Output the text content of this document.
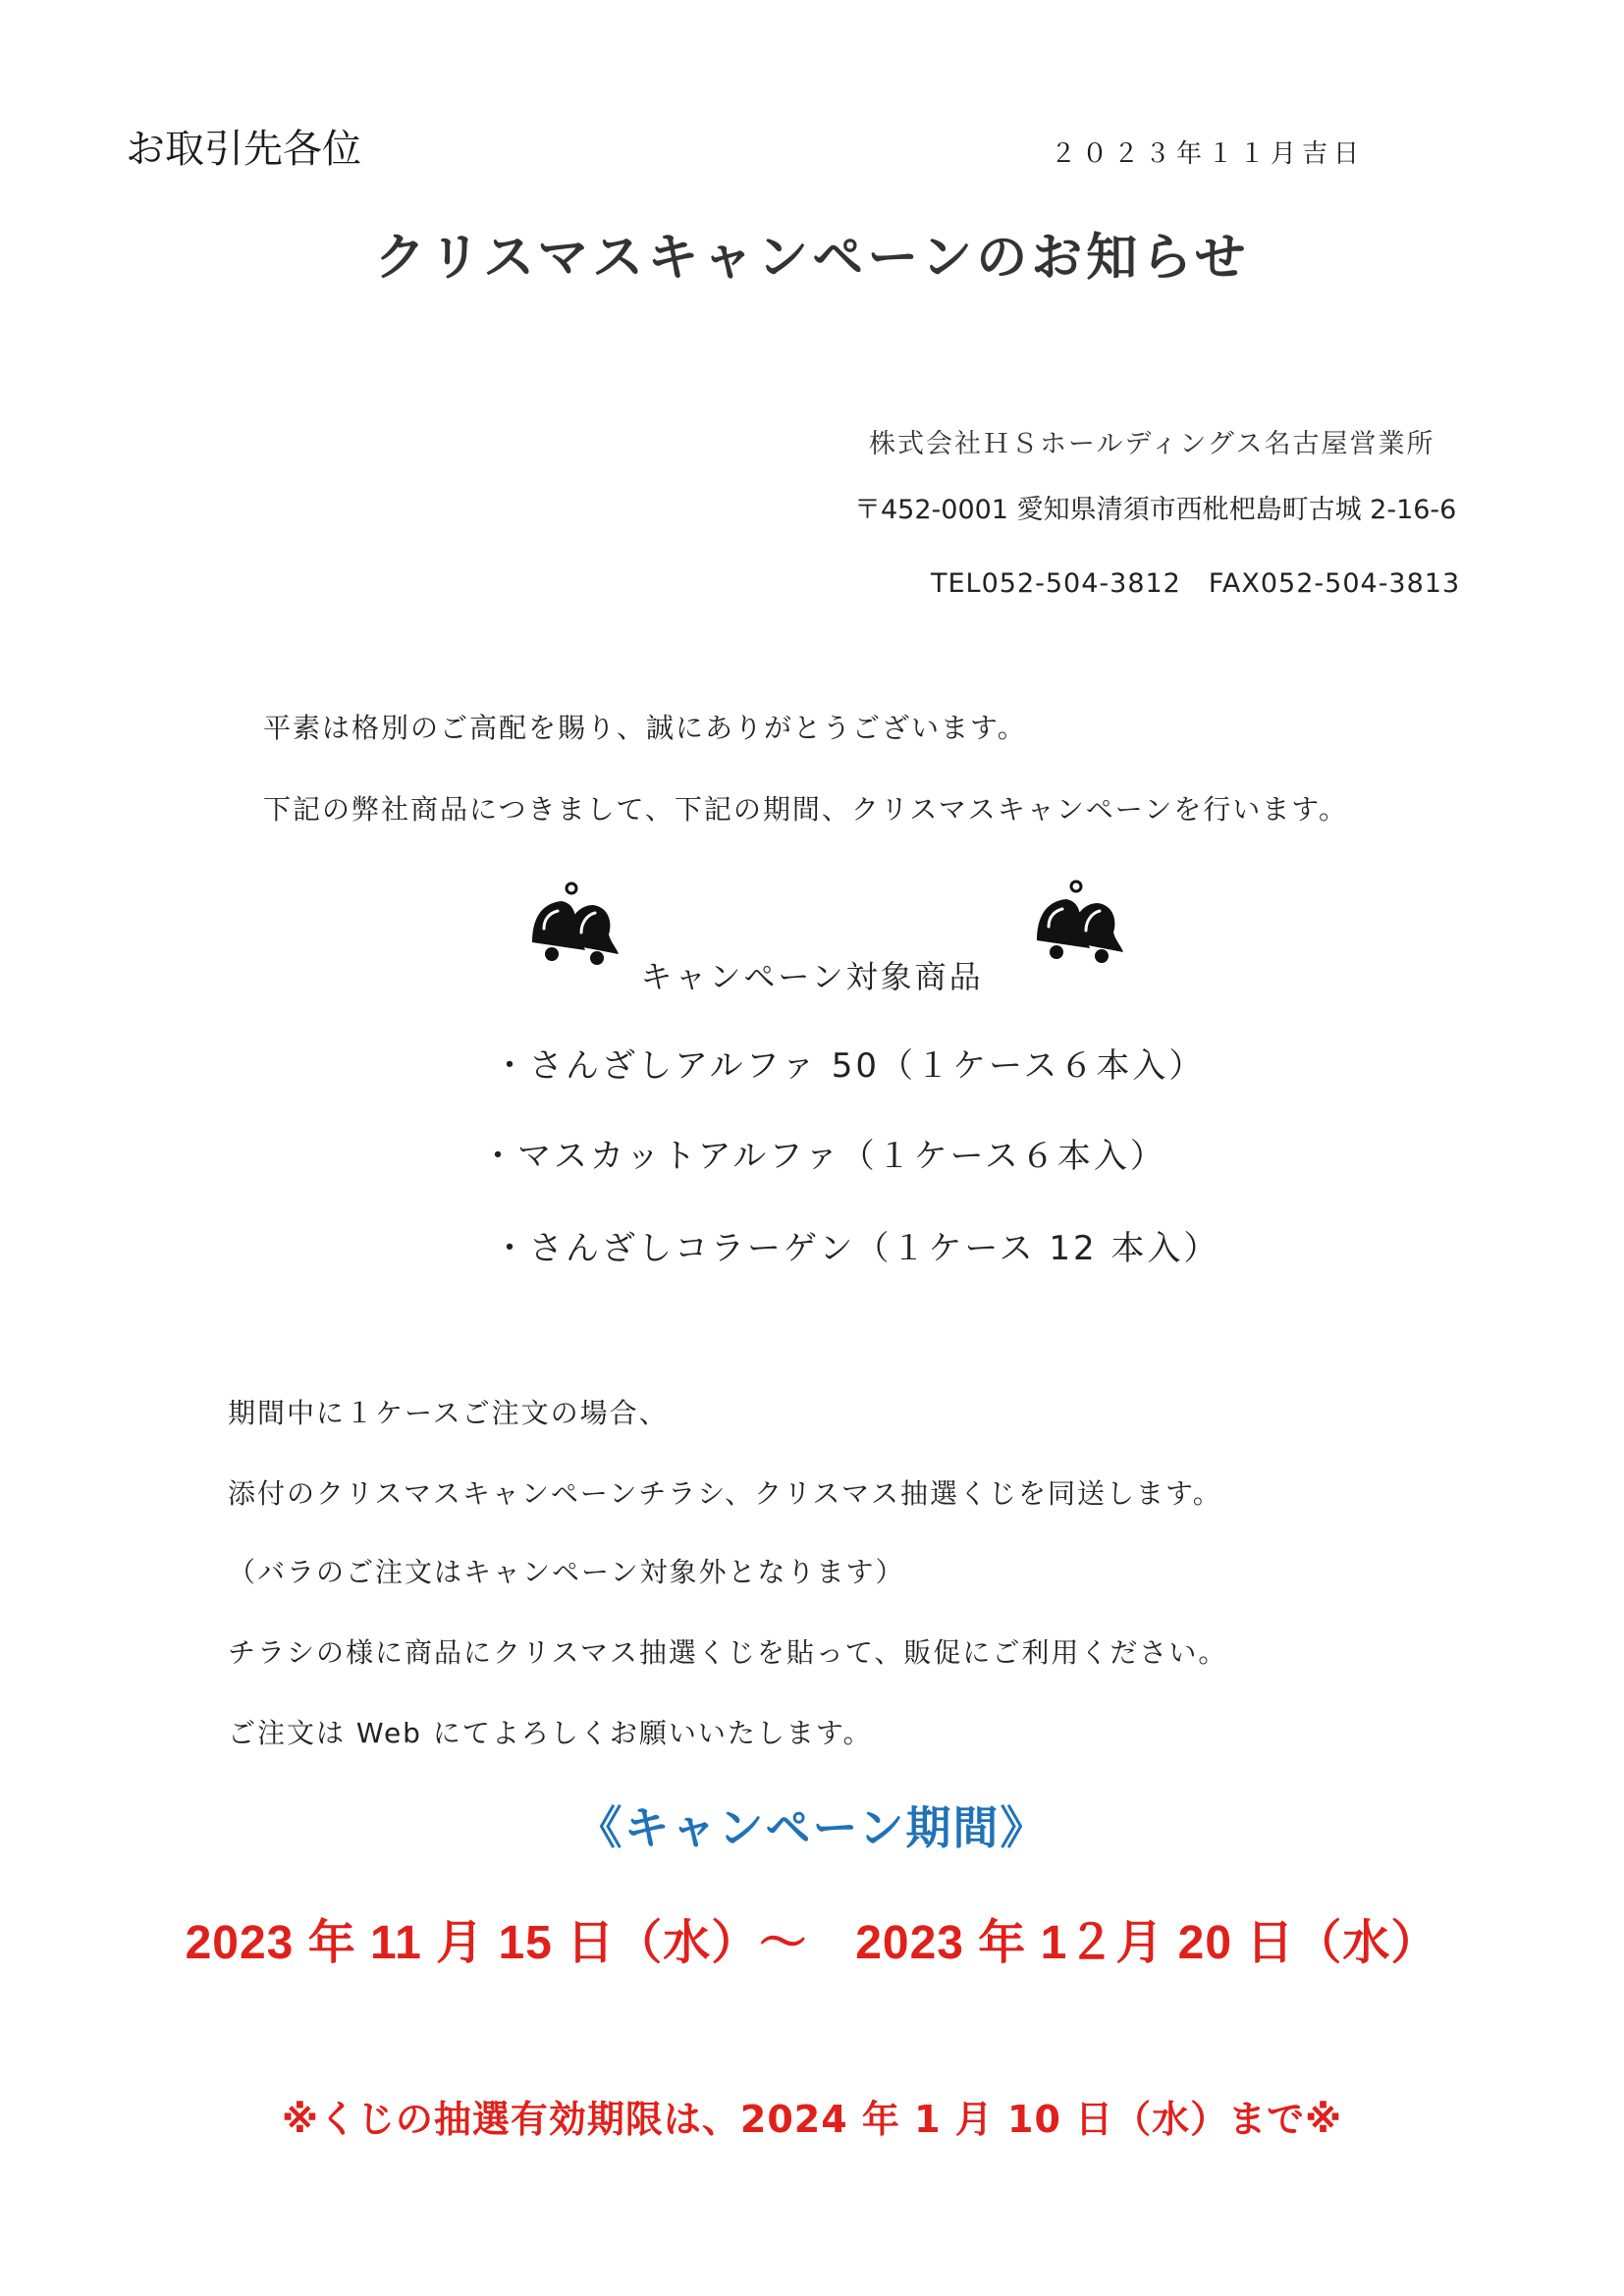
お取引先各位	２０２３年１１月吉日
クリスマスキャンペーンのお知らせ
株式会社ＨＳホールディングス名古屋営業所
〒452-0001 愛知県清須市西枇杷島町古城 2-16-6
TEL052-504-3812　FAX052-504-3813
平素は格別のご高配を賜り、誠にありがとうございます。
下記の弊社商品につきまして、下記の期間、クリスマスキャンペーンを行います。
キャンペーン対象商品
・さんざしアルファ 50（１ケース６本入）
・マスカットアルファ（１ケース６本入）
・さんざしコラーゲン（１ケース 12 本入）
期間中に１ケースご注文の場合、
添付のクリスマスキャンペーンチラシ、クリスマス抽選くじを同送します。
（バラのご注文はキャンペーン対象外となります）
チラシの様に商品にクリスマス抽選くじを貼って、販促にご利用ください。
ご注文は Web にてよろしくお願いいたします。
《キャンペーン期間》
2023 年 11 月 15 日（水）～　2023 年 1２月 20 日（水）
※くじの抽選有効期限は、2024 年 1 月 10 日（水）まで※
